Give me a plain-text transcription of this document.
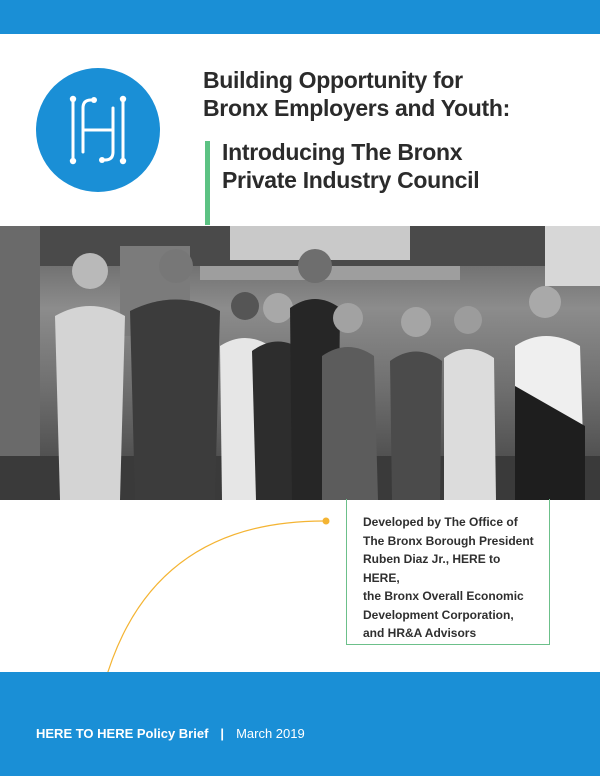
Building Opportunity for
Bronx Employers and Youth:
Introducing The Bronx
Private Industry Council
Developed by The Office of
The Bronx Borough President
Ruben Diaz Jr., HERE to HERE,
the Bronx Overall Economic
Development Corporation,
and HR&A Advisors
HERE TO HERE Policy Brief | March 2019
